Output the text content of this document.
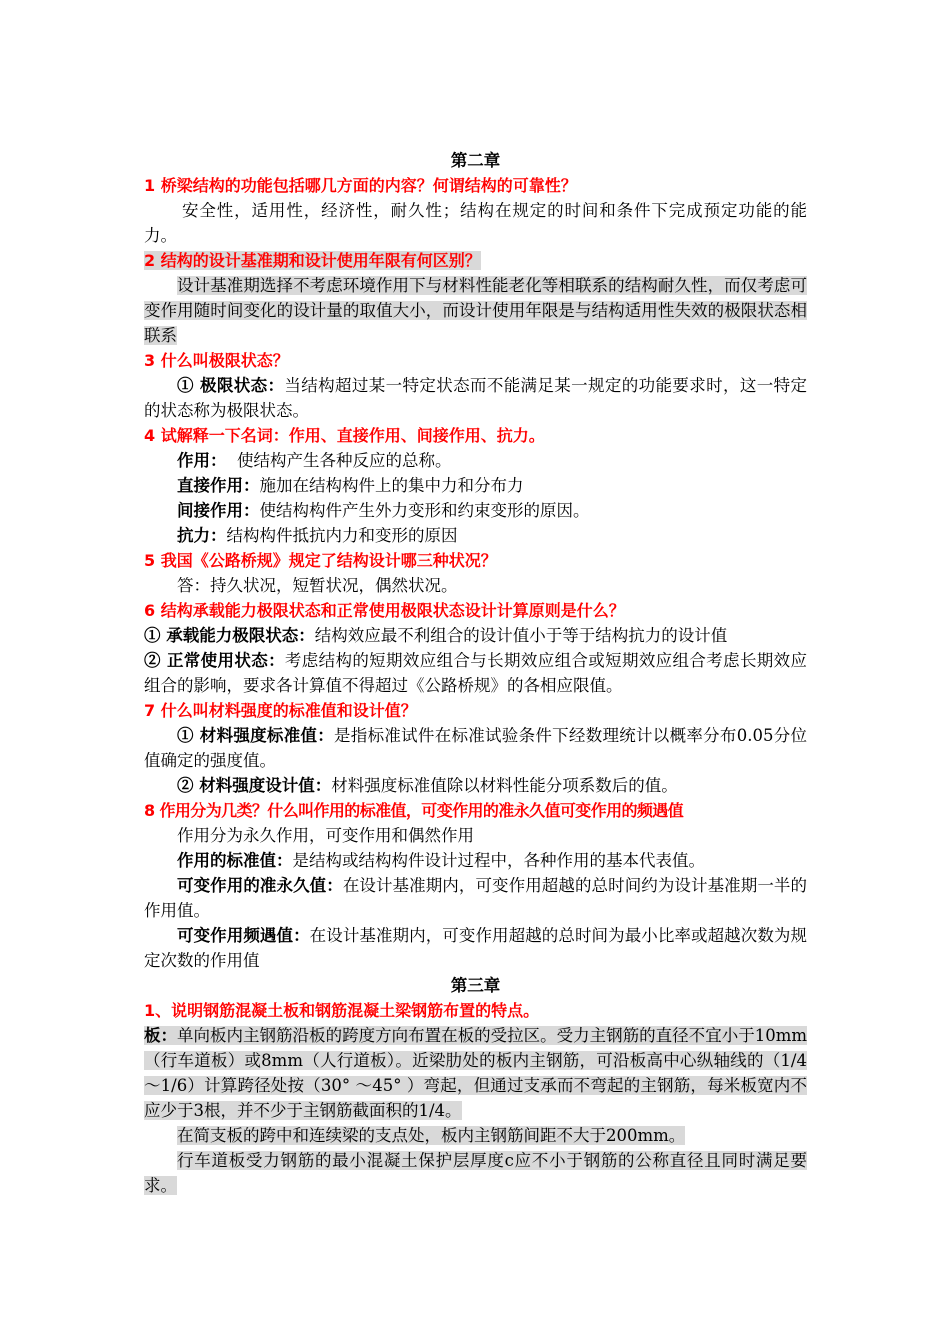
第二章
1 桥梁结构的功能包括哪几方面的内容？何谓结构的可靠性？
安全性，适用性，经济性，耐久性；结构在规定的时间和条件下完成预定功能的能力。
2 结构的设计基准期和设计使用年限有何区别？
设计基准期选择不考虑环境作用下与材料性能老化等相联系的结构耐久性，而仅考虑可变作用随时间变化的设计量的取值大小，而设计使用年限是与结构适用性失效的极限状态相联系
3 什么叫极限状态？
① 极限状态：当结构超过某一特定状态而不能满足某一规定的功能要求时，这一特定的状态称为极限状态。
4 试解释一下名词：作用、直接作用、间接作用、抗力。
作用：  使结构产生各种反应的总称。
直接作用：施加在结构构件上的集中力和分布力
间接作用：使结构构件产生外力变形和约束变形的原因。
抗力：结构构件抵抗内力和变形的原因
5 我国《公路桥规》规定了结构设计哪三种状况？
答：持久状况，短暂状况，偶然状况。
6 结构承载能力极限状态和正常使用极限状态设计计算原则是什么？
① 承载能力极限状态：结构效应最不利组合的设计值小于等于结构抗力的设计值
② 正常使用状态：考虑结构的短期效应组合与长期效应组合或短期效应组合考虑长期效应组合的影响，要求各计算值不得超过《公路桥规》的各相应限值。
7 什么叫材料强度的标准值和设计值？
① 材料强度标准值：是指标准试件在标准试验条件下经数理统计以概率分布0.05分位值确定的强度值。
② 材料强度设计值：材料强度标准值除以材料性能分项系数后的值。
8 作用分为几类？什么叫作用的标准值，可变作用的准永久值可变作用的频遇值
作用分为永久作用，可变作用和偶然作用
作用的标准值：是结构或结构构件设计过程中，各种作用的基本代表值。
可变作用的准永久值：在设计基准期内，可变作用超越的总时间约为设计基准期一半的作用值。
可变作用频遇值：在设计基准期内，可变作用超越的总时间为最小比率或超越次数为规定次数的作用值
第三章
1、说明钢筋混凝土板和钢筋混凝土梁钢筋布置的特点。
板：单向板内主钢筋沿板的跨度方向布置在板的受拉区。受力主钢筋的直径不宜小于10mm（行车道板）或8mm（人行道板）。近梁肋处的板内主钢筋，可沿板高中心纵轴线的（1/4～1/6）计算跨径处按（30° ～45° ）弯起，但通过支承而不弯起的主钢筋，每米板宽内不应少于3根，并不少于主钢筋截面积的1/4。
在简支板的跨中和连续梁的支点处，板内主钢筋间距不大于200mm。
行车道板受力钢筋的最小混凝土保护层厚度c应不小于钢筋的公称直径且同时满足要求。
